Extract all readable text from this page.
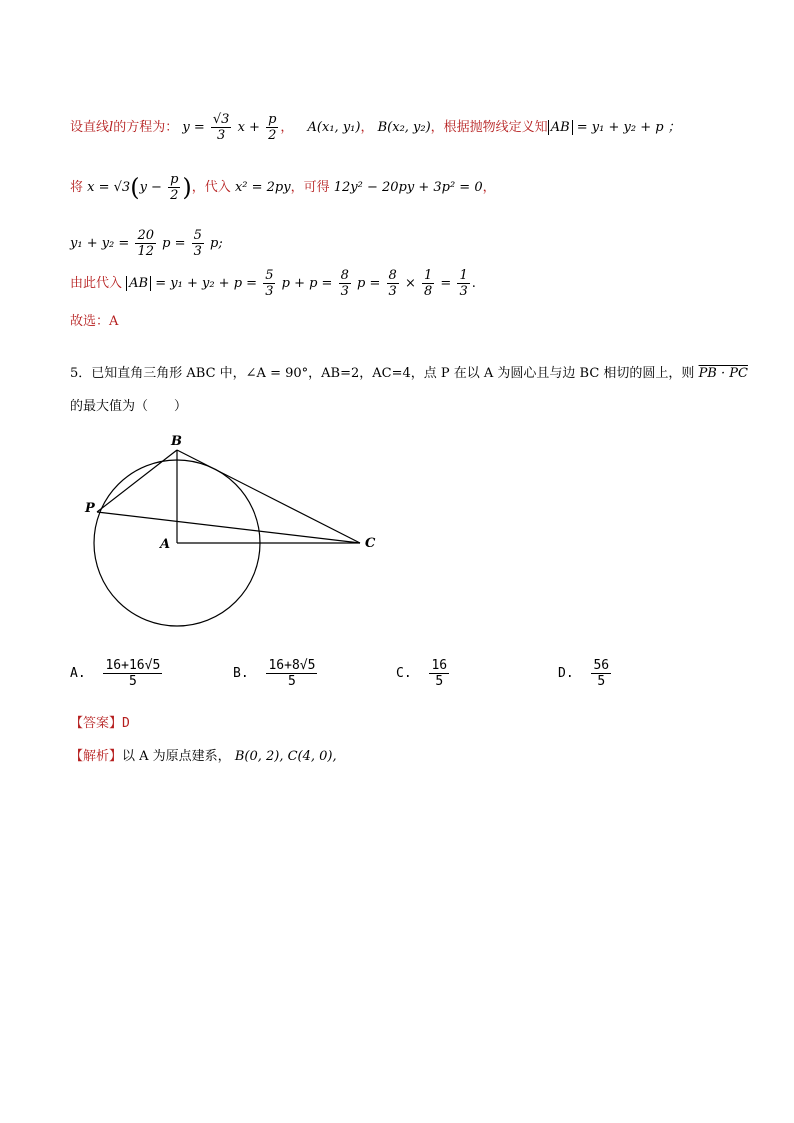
设直线l的方程为： $y = \frac{√3}{3}$ $x + \frac{p}{2}$ ， A(x₁, y₁)， B(x₂, y₂)，根据抛物线定义知 AB = y₁ + y₂ + p ；
将 $x = √3(y - \frac{p}{2}$ )，代入 x² = 2py，可得 12y² − 20py + 3p² = 0，
$y_1 + y_2 = \frac{20}{12}$ $p = \frac{5}{3} p$;
由此代入 AB = $y_1 + y_2 + p = \frac{5}{3}$ $p + p = \frac{8}{3}$ $p = \frac{8}{3} \times \frac{1}{8} = \frac{1}{3}$ .
故选：A
5．已知直角三角形 ABC 中，∠A = 90°，AB=2，AC=4，点 P 在以 A 为圆心且与边 BC 相切的圆上，则 PB · PC
的最大值为（　　）
B
P
A	C
A. $\frac{16+16√5}{5}$	B. $\frac{16+8√5}{5}$	C. $\frac{16}{5}$	D. $\frac{56}{5}$
【答案】D
【解析】以 A 为原点建系， B(0, 2), C(4, 0),
